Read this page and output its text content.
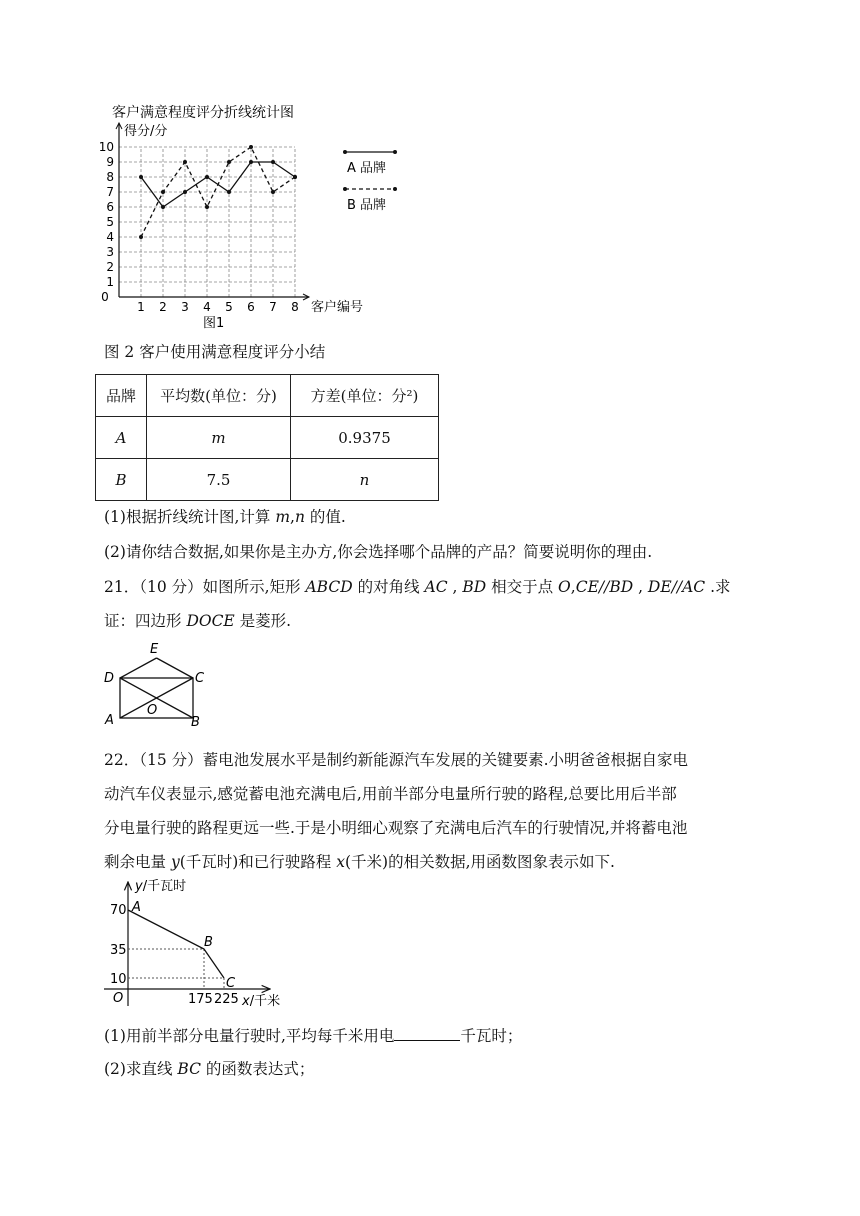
客户满意程度评分折线统计图
得分/分
1
2
3
4
5
6
7
8
9
10
1 2 3 4 5 6 7 8
0
客户编号
图1
A 品牌
B 品牌
图 2 客户使用满意程度评分小结
品牌	平均数(单位：分)	方差(单位：分²)
A	m	0.9375
B	7.5	n
(1)根据折线统计图,计算 m,n 的值.
(2)请你结合数据,如果你是主办方,你会选择哪个品牌的产品？简要说明你的理由.
21．（10 分）如图所示,矩形 ABCD 的对角线 AC , BD 相交于点 O,CE//BD , DE//AC .求
证：四边形 DOCE 是菱形.
E
D	C
O
A	B
22．（15 分）蓄电池发展水平是制约新能源汽车发展的关键要素.小明爸爸根据自家电
动汽车仪表显示,感觉蓄电池充满电后,用前半部分电量所行驶的路程,总要比用后半部
分电量行驶的路程更远一些.于是小明细心观察了充满电后汽车的行驶情况,并将蓄电池
剩余电量 y(千瓦时)和已行驶路程 x(千米)的相关数据,用函数图象表示如下.
y/千瓦时
70
35
10
O	175 225 x/千米
A
B
C
(1)用前半部分电量行驶时,平均每千米用电	千瓦时；
(2)求直线 BC 的函数表达式；
